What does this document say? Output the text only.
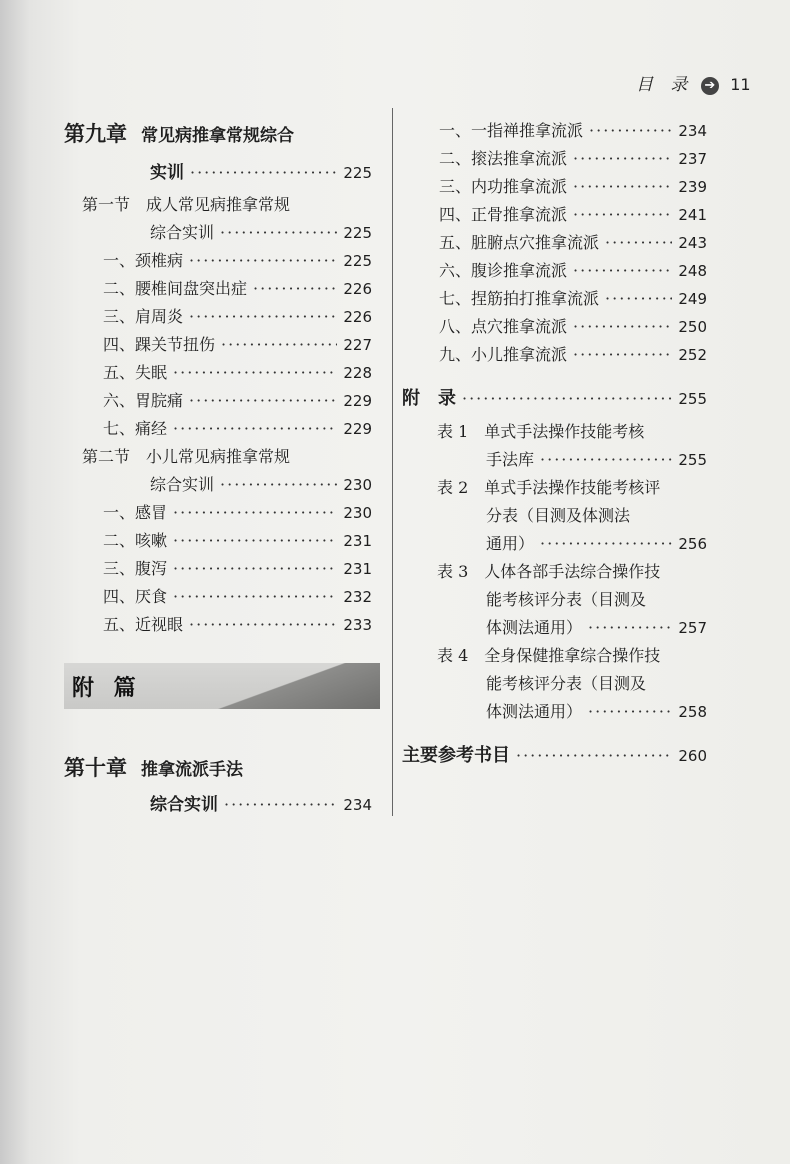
目 录 ➔ 11
第九章 常见病推拿常规综合
实训 ·····	225
第一节　成人常见病推拿常规
综合实训 ·····	225
一、颈椎病 ·····	225
二、腰椎间盘突出症 ·····	226
三、肩周炎 ·····	226
四、踝关节扭伤 ·····	227
五、失眠 ·····	228
六、胃脘痛 ·····	229
七、痛经 ·····	229
第二节　小儿常见病推拿常规
综合实训 ·····	230
一、感冒 ·····	230
二、咳嗽 ·····	231
三、腹泻 ·····	231
四、厌食 ·····	232
五、近视眼 ·····	233
附 篇
第十章 推拿流派手法
综合实训 ·····	234
一、一指禅推拿流派 ·····	234
二、㨰法推拿流派 ·····	237
三、内功推拿流派 ·····	239
四、正骨推拿流派 ·····	241
五、脏腑点穴推拿流派 ·····	243
六、腹诊推拿流派 ·····	248
七、捏筋拍打推拿流派 ·····	249
八、点穴推拿流派 ·····	250
九、小儿推拿流派 ·····	252
附　录 ·····	255
表 1　单式手法操作技能考核
手法库 ·····	255
表 2　单式手法操作技能考核评
分表（目测及体测法
通用） ·····	256
表 3　人体各部手法综合操作技
能考核评分表（目测及
体测法通用） ·····	257
表 4　全身保健推拿综合操作技
能考核评分表（目测及
体测法通用） ·····	258
主要参考书目 ·····	260
